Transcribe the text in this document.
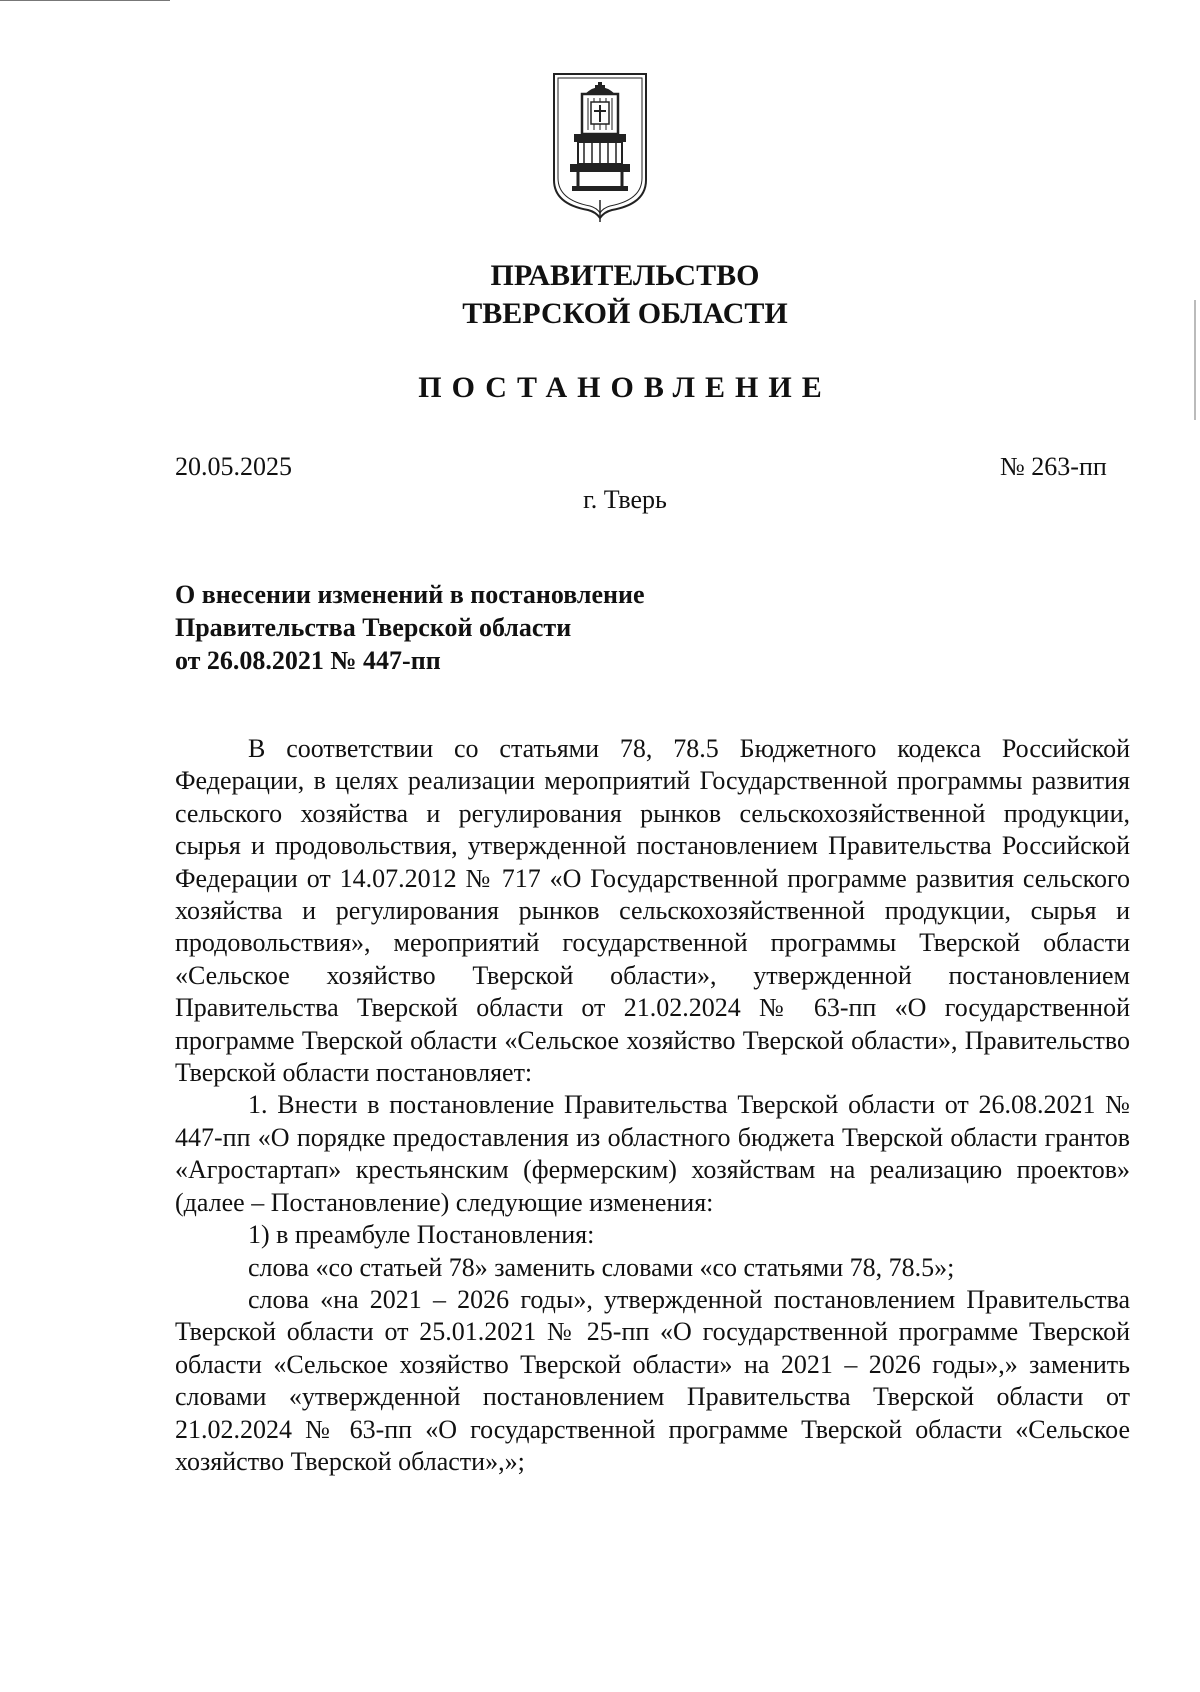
ПРАВИТЕЛЬСТВО
ТВЕРСКОЙ ОБЛАСТИ
ПОСТАНОВЛЕНИЕ
20.05.2025	№ 263-пп
г. Тверь
О внесении изменений в постановление
Правительства Тверской области
от 26.08.2021 № 447-пп

В соответствии со статьями 78, 78.5 Бюджетного кодекса Российской Федерации, в целях реализации мероприятий Государственной программы развития сельского хозяйства и регулирования рынков сельскохозяйственной продукции, сырья и продовольствия, утвержденной постановлением Правительства Российской Федерации от 14.07.2012 № 717 «О Государственной программе развития сельского хозяйства и регулирования рынков сельскохозяйственной продукции, сырья и продовольствия», мероприятий государственной программы Тверской области «Сельское хозяйство Тверской области», утвержденной постановлением Правительства Тверской области от 21.02.2024 № 63-пп «О государственной программе Тверской области «Сельское хозяйство Тверской области», Правительство Тверской области постановляет:

1. Внести в постановление Правительства Тверской области от 26.08.2021 № 447-пп «О порядке предоставления из областного бюджета Тверской области грантов «Агростартап» крестьянским (фермерским) хозяйствам на реализацию проектов» (далее – Постановление) следующие изменения:

1) в преамбуле Постановления:

слова «со статьей 78» заменить словами «со статьями 78, 78.5»;

слова «на 2021 – 2026 годы», утвержденной постановлением Правительства Тверской области от 25.01.2021 № 25-пп «О государственной программе Тверской области «Сельское хозяйство Тверской области» на 2021 – 2026 годы»,» заменить словами «утвержденной постановлением Правительства Тверской области от 21.02.2024 № 63-пп «О государственной программе Тверской области «Сельское хозяйство Тверской области»,»;
